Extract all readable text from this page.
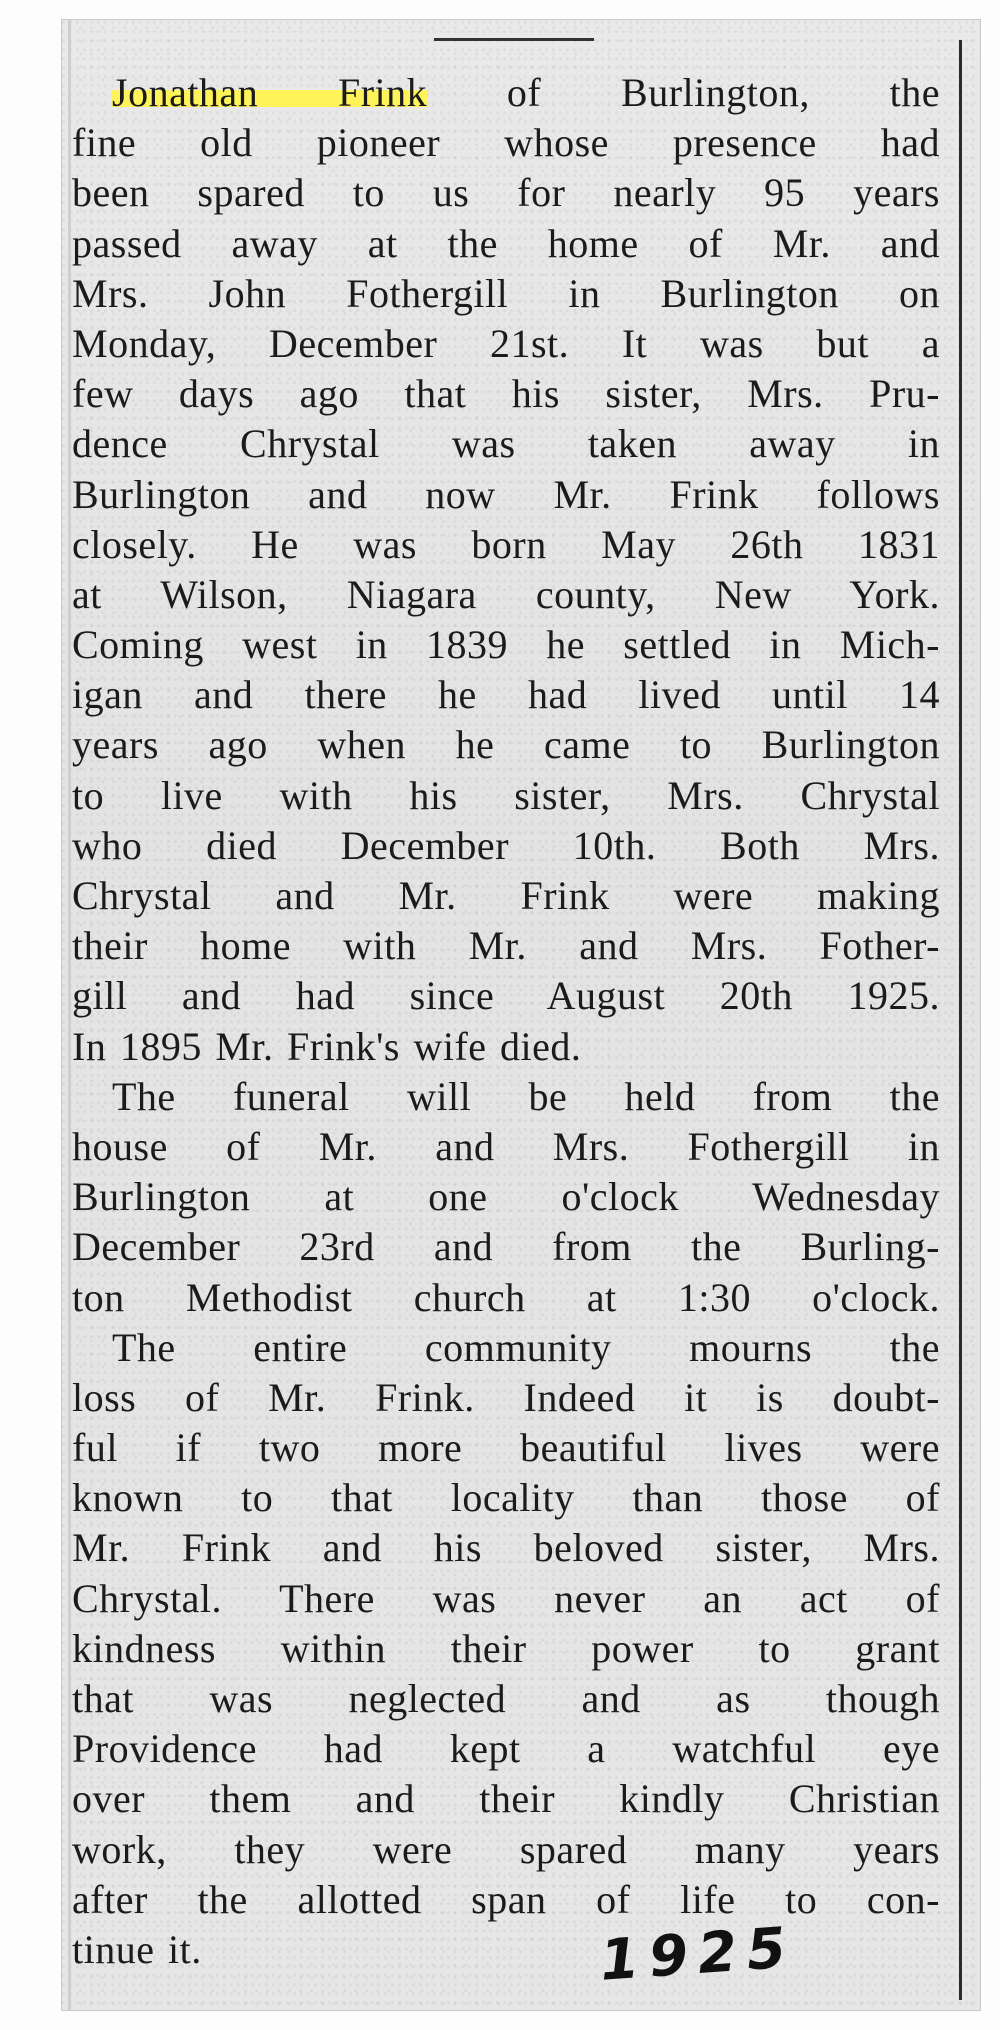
Jonathan Frink of Burlington, the
fine old pioneer whose presence had
been spared to us for nearly 95 years
passed away at the home of Mr. and
Mrs. John Fothergill in Burlington on
Monday, December 21st. It was but a
few days ago that his sister, Mrs. Pru-
dence Chrystal was taken away in
Burlington and now Mr. Frink follows
closely. He was born May 26th 1831
at Wilson, Niagara county, New York.
Coming west in 1839 he settled in Mich-
igan and there he had lived until 14
years ago when he came to Burlington
to live with his sister, Mrs. Chrystal
who died December 10th. Both Mrs.
Chrystal and Mr. Frink were making
their home with Mr. and Mrs. Fother-
gill and had since August 20th 1925.
In 1895 Mr. Frink's wife died.
The funeral will be held from the
house of Mr. and Mrs. Fothergill in
Burlington at one o'clock Wednesday
December 23rd and from the Burling-
ton Methodist church at 1:30 o'clock.
The entire community mourns the
loss of Mr. Frink. Indeed it is doubt-
ful if two more beautiful lives were
known to that locality than those of
Mr. Frink and his beloved sister, Mrs.
Chrystal. There was never an act of
kindness within their power to grant
that was neglected and as though
Providence had kept a watchful eye
over them and their kindly Christian
work, they were spared many years
after the allotted span of life to con-
tinue it.	1925
